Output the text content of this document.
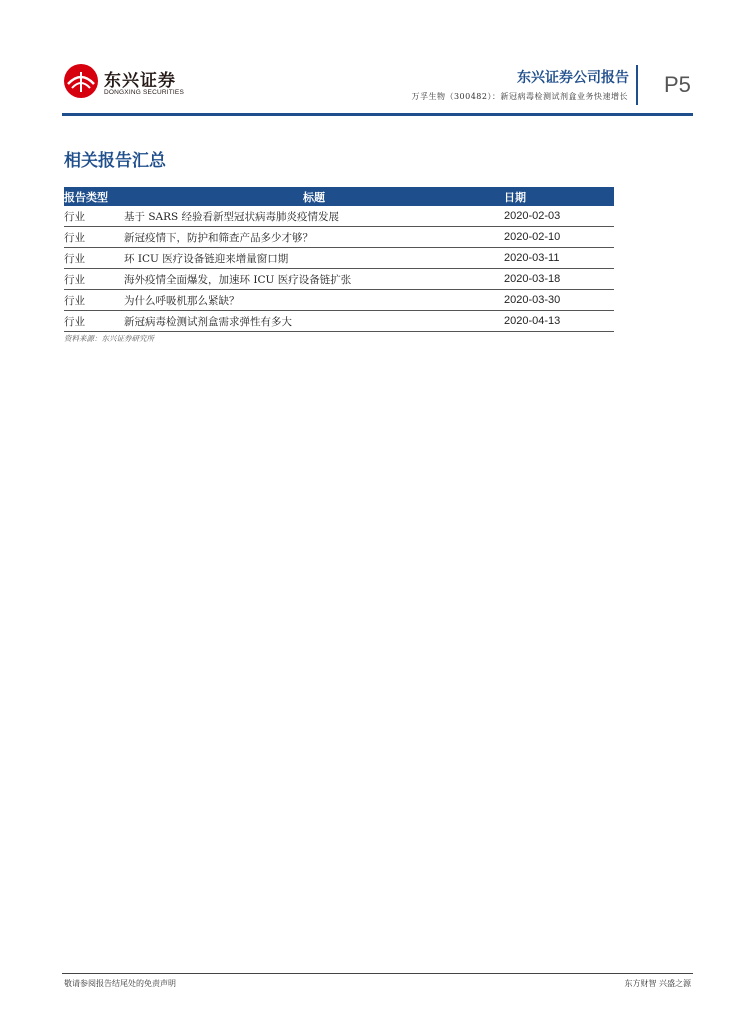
东兴证券
DONGXING SECURITIES
东兴证券公司报告
万孚生物（300482）：新冠病毒检测试剂盒业务快速增长 P5
相关报告汇总
报告类型	标题	日期
行业	基于 SARS 经验看新型冠状病毒肺炎疫情发展	2020-02-03
行业	新冠疫情下，防护和筛查产品多少才够？	2020-02-10
行业	环 ICU 医疗设备链迎来增量窗口期	2020-03-11
行业	海外疫情全面爆发，加速环 ICU 医疗设备链扩张	2020-03-18
行业	为什么呼吸机那么紧缺？	2020-03-30
行业	新冠病毒检测试剂盒需求弹性有多大	2020-04-13
资料来源：东兴证券研究所
敬请参阅报告结尾处的免责声明	东方财智 兴盛之源
